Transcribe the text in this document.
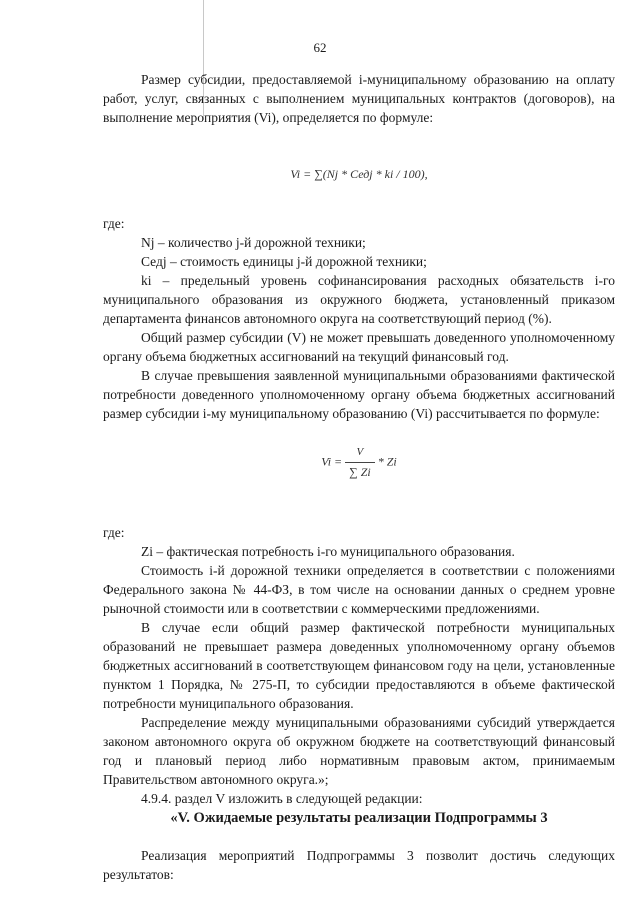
62

Размер субсидии, предоставляемой i-муниципальному образованию на оплату работ, услуг, связанных с выполнением муниципальных контрактов (договоров), на выполнение мероприятия (Vi), определяется по формуле:

Vi = ∑(Nj * Седj * ki / 100),

где:

Nj – количество j-й дорожной техники;

Седj – стоимость единицы j-й дорожной техники;

ki – предельный уровень софинансирования расходных обязательств i-го муниципального образования из окружного бюджета, установленный приказом департамента финансов автономного округа на соответствующий период (%).

Общий размер субсидии (V) не может превышать доведенного уполномоченному органу объема бюджетных ассигнований на текущий финансовый год.

В случае превышения заявленной муниципальными образованиями фактической потребности доведенного уполномоченному органу объема бюджетных ассигнований размер субсидии i-му муниципальному образованию (Vi) рассчитывается по формуле:

$Vi = \frac{V}{\sum Zi} * Zi$

где:

Zi – фактическая потребность i-го муниципального образования.

Стоимость i-й дорожной техники определяется в соответствии с положениями Федерального закона № 44-ФЗ, в том числе на основании данных о среднем уровне рыночной стоимости или в соответствии с коммерческими предложениями.

В случае если общий размер фактической потребности муниципальных образований не превышает размера доведенных уполномоченному органу объемов бюджетных ассигнований в соответствующем финансовом году на цели, установленные пунктом 1 Порядка, № 275-П, то субсидии предоставляются в объеме фактической потребности муниципального образования.

Распределение между муниципальными образованиями субсидий утверждается законом автономного округа об окружном бюджете на соответствующий финансовый год и плановый период либо нормативным правовым актом, принимаемым Правительством автономного округа.»;

4.9.4. раздел V изложить в следующей редакции:

«V. Ожидаемые результаты реализации Подпрограммы 3

Реализация мероприятий Подпрограммы 3 позволит достичь следующих результатов:
